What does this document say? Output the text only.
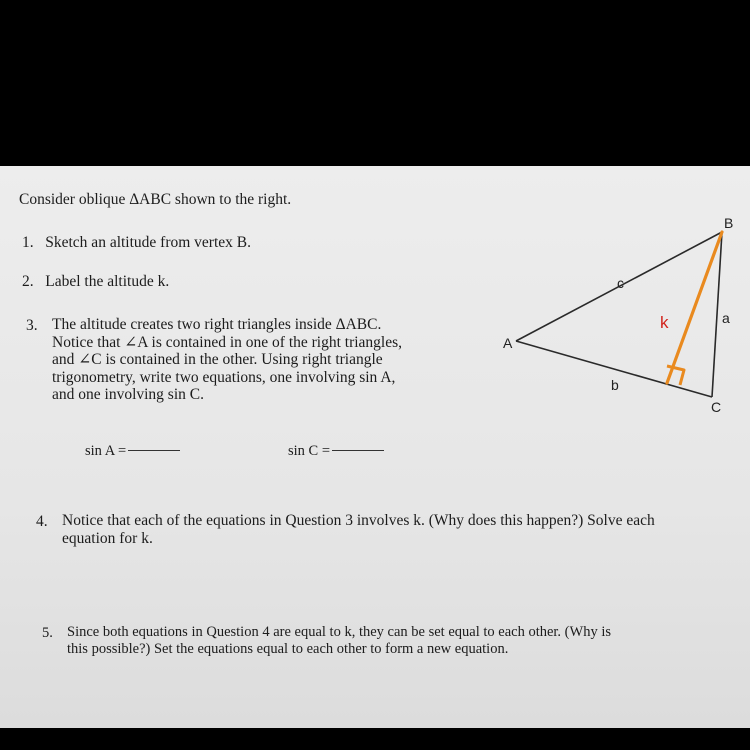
Consider oblique ΔABC shown to the right.
1. Sketch an altitude from vertex B.
2. Label the altitude k.
3. The altitude creates two right triangles inside ΔABC.
Notice that ∠A is contained in one of the right triangles,
and ∠C is contained in the other. Using right triangle
trigonometry, write two equations, one involving sin A,
and one involving sin C.
sin A =	sin C =
4. Notice that each of the equations in Question 3 involves k. (Why does this happen?) Solve each
equation for k.
5. Since both equations in Question 4 are equal to k, they can be set equal to each other. (Why is
this possible?) Set the equations equal to each other to form a new equation.
A
B
C
c
b
a
k
